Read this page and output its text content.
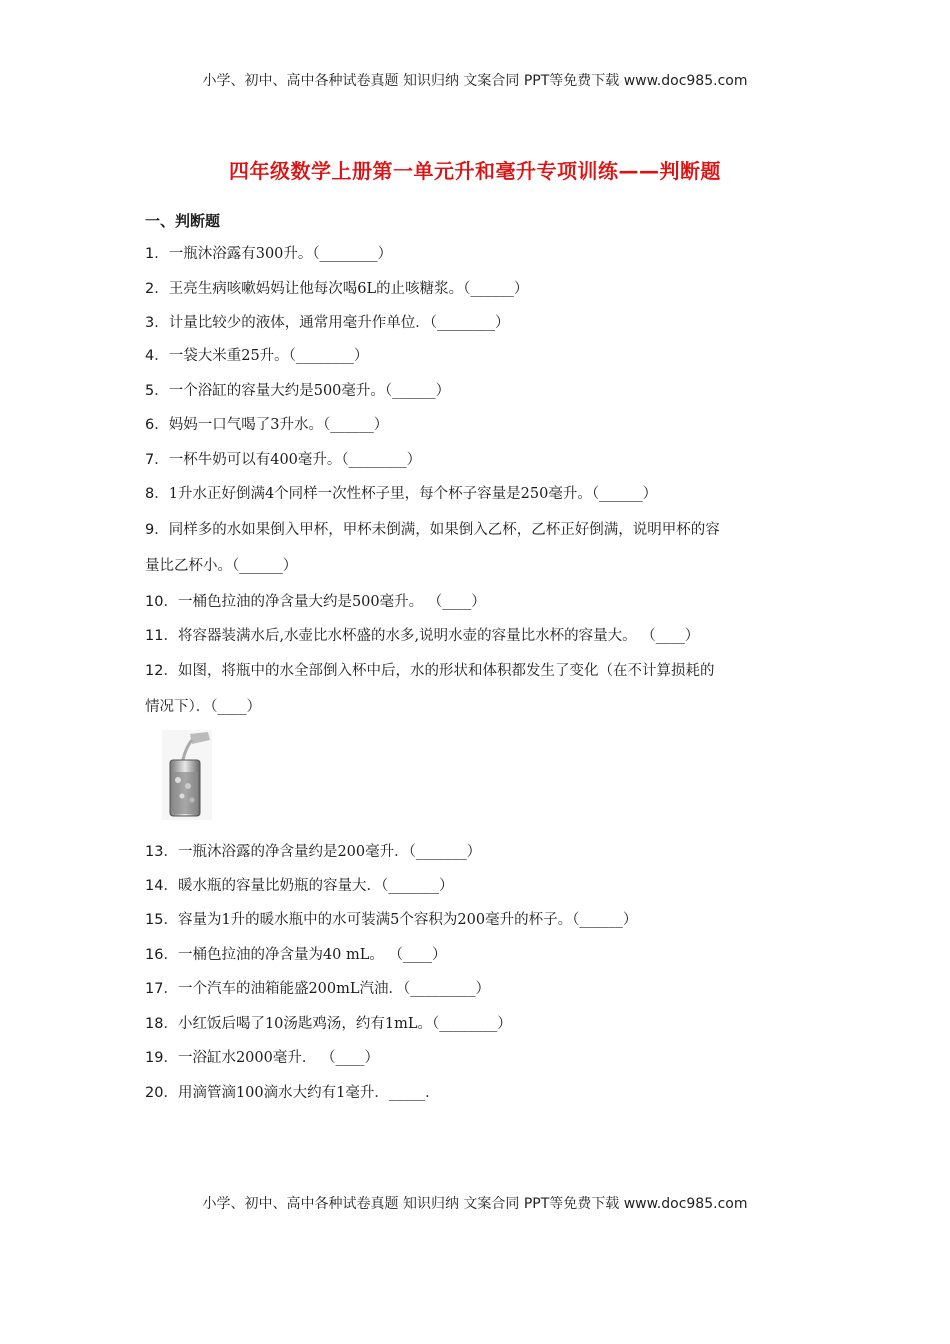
小学、初中、高中各种试卷真题 知识归纳 文案合同 PPT等免费下载 www.doc985.com
四年级数学上册第一单元升和毫升专项训练——判断题
一、判断题
1．一瓶沐浴露有300升。（________）
2．王亮生病咳嗽妈妈让他每次喝6L的止咳糖浆。（______）
3．计量比较少的液体，通常用毫升作单位．（________）
4．一袋大米重25升。（________）
5．一个浴缸的容量大约是500毫升。（______）
6．妈妈一口气喝了3升水。（______）
7．一杯牛奶可以有400毫升。（________）
8．1升水正好倒满4个同样一次性杯子里，每个杯子容量是250毫升。（______）
9．同样多的水如果倒入甲杯，甲杯未倒满，如果倒入乙杯，乙杯正好倒满，说明甲杯的容
量比乙杯小。（______）
10．一桶色拉油的净含量大约是500毫升。 （____）
11．将容器装满水后,水壶比水杯盛的水多,说明水壶的容量比水杯的容量大。 （____）
12．如图，将瓶中的水全部倒入杯中后，水的形状和体积都发生了变化（在不计算损耗的
情况下）．（____）
13．一瓶沐浴露的净含量约是200毫升．（_______）
14．暖水瓶的容量比奶瓶的容量大．（_______）
15．容量为1升的暖水瓶中的水可装满5个容积为200毫升的杯子。（______）
16．一桶色拉油的净含量为40 mL。 （____）
17．一个汽车的油箱能盛200mL汽油．（_________）
18．小红饭后喝了10汤匙鸡汤，约有1mL。（________）
19．一浴缸水2000毫升． （____）
20．用滴管滴100滴水大约有1毫升．_____．
小学、初中、高中各种试卷真题 知识归纳 文案合同 PPT等免费下载 www.doc985.com
